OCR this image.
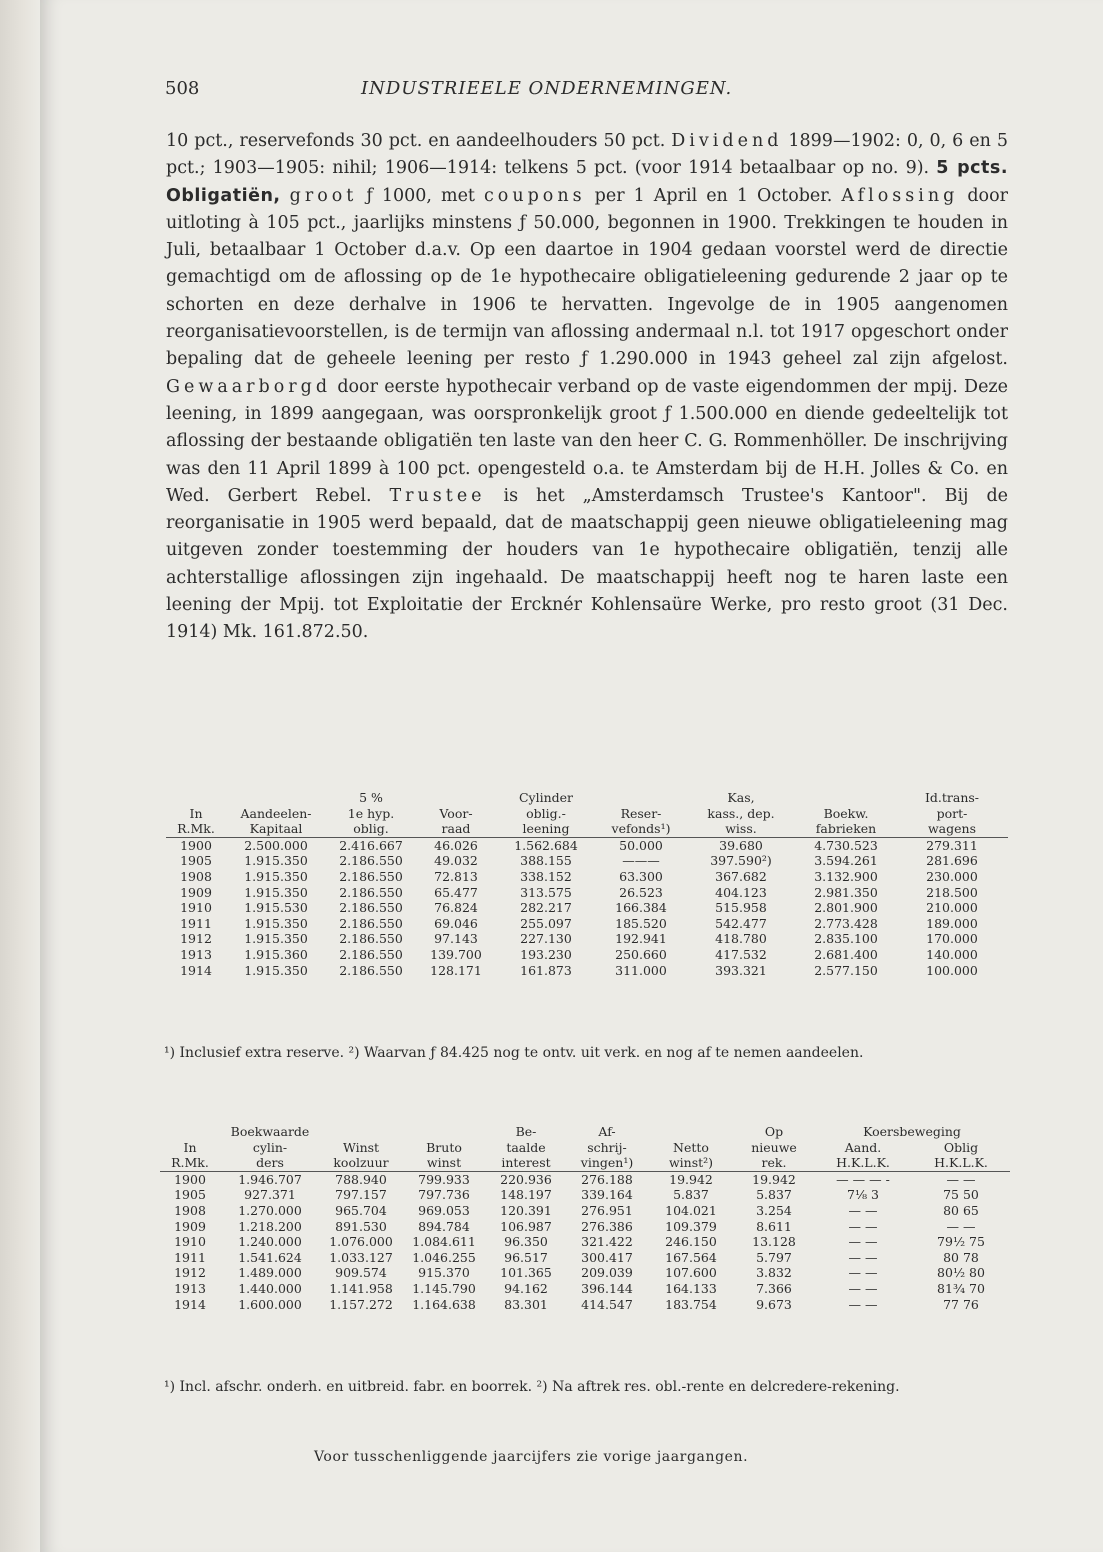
508	INDUSTRIEELE ONDERNEMINGEN.

10 pct., reservefonds 30 pct. en aandeelhouders 50 pct. Dividend 1899—1902: 0, 0, 6 en 5 pct.; 1903—1905: nihil; 1906—1914: telkens 5 pct. (voor 1914 betaalbaar op no. 9). 5 pcts. Obligatiën, groot ƒ 1000, met coupons per 1 April en 1 October. Aflossing door uitloting à 105 pct., jaarlijks minstens ƒ 50.000, begonnen in 1900. Trekkingen te houden in Juli, betaalbaar 1 October d.a.v. Op een daartoe in 1904 gedaan voorstel werd de directie gemachtigd om de aflossing op de 1e hypothecaire obligatieleening gedurende 2 jaar op te schorten en deze derhalve in 1906 te hervatten. Ingevolge de in 1905 aangenomen reorganisatievoorstellen, is de termijn van aflossing andermaal n.l. tot 1917 opgeschort onder bepaling dat de geheele leening per resto ƒ 1.290.000 in 1943 geheel zal zijn afgelost. Gewaarborgd door eerste hypothecair verband op de vaste eigendommen der mpij. Deze leening, in 1899 aangegaan, was oorspronkelijk groot ƒ 1.500.000 en diende gedeeltelijk tot aflossing der bestaande obligatiën ten laste van den heer C. G. Rommenhöller. De inschrijving was den 11 April 1899 à 100 pct. opengesteld o.a. te Amsterdam bij de H.H. Jolles & Co. en Wed. Gerbert Rebel. Trustee is het „Amsterdamsch Trustee's Kantoor". Bij de reorganisatie in 1905 werd bepaald, dat de maatschappij geen nieuwe obligatieleening mag uitgeven zonder toestemming der houders van 1e hypothecaire obligatiën, tenzij alle achterstallige aflossingen zijn ingehaald. De maatschappij heeft nog te haren laste een leening der Mpij. tot Exploitatie der Ercknér Kohlensaüre Werke, pro resto groot (31 Dec. 1914) Mk. 161.872.50.

		5 %		Cylinder		Kas,		Id.trans-
In	Aandeelen-	1e hyp.	Voor-	oblig.-	Reser-	kass., dep.	Boekw.	port-
R.Mk.	Kapitaal	oblig.	raad	leening	vefonds¹)	wiss.	fabrieken	wagens
1900	2.500.000	2.416.667	46.026	1.562.684	50.000	39.680	4.730.523	279.311
1905	1.915.350	2.186.550	49.032	388.155	———	397.590²)	3.594.261	281.696
1908	1.915.350	2.186.550	72.813	338.152	63.300	367.682	3.132.900	230.000
1909	1.915.350	2.186.550	65.477	313.575	26.523	404.123	2.981.350	218.500
1910	1.915.530	2.186.550	76.824	282.217	166.384	515.958	2.801.900	210.000
1911	1.915.350	2.186.550	69.046	255.097	185.520	542.477	2.773.428	189.000
1912	1.915.350	2.186.550	97.143	227.130	192.941	418.780	2.835.100	170.000
1913	1.915.360	2.186.550	139.700	193.230	250.660	417.532	2.681.400	140.000
1914	1.915.350	2.186.550	128.171	161.873	311.000	393.321	2.577.150	100.000
¹) Inclusief extra reserve. ²) Waarvan ƒ 84.425 nog te ontv. uit verk. en nog af te nemen aandeelen.
	Boekwaarde			Be-	Af-		Op	Koersbeweging	
In	cylin-	Winst	Bruto	taalde	schrij-	Netto	nieuwe	Aand.	Oblig
R.Mk.	ders	koolzuur	winst	interest	vingen¹)	winst²)	rek.	H.K.L.K.	H.K.L.K.
1900	1.946.707	788.940	799.933	220.936	276.188	19.942	19.942	— — — -	— —
1905	927.371	797.157	797.736	148.197	339.164	5.837	5.837	7⅛ 3	75 50
1908	1.270.000	965.704	969.053	120.391	276.951	104.021	3.254	— —	80 65
1909	1.218.200	891.530	894.784	106.987	276.386	109.379	8.611	— —	— —
1910	1.240.000	1.076.000	1.084.611	96.350	321.422	246.150	13.128	— —	79½ 75
1911	1.541.624	1.033.127	1.046.255	96.517	300.417	167.564	5.797	— —	80 78
1912	1.489.000	909.574	915.370	101.365	209.039	107.600	3.832	— —	80½ 80
1913	1.440.000	1.141.958	1.145.790	94.162	396.144	164.133	7.366	— —	81¾ 70
1914	1.600.000	1.157.272	1.164.638	83.301	414.547	183.754	9.673	— —	77 76
¹) Incl. afschr. onderh. en uitbreid. fabr. en boorrek. ²) Na aftrek res. obl.-rente en delcredere-rekening.
Voor tusschenliggende jaarcijfers zie vorige jaargangen.
